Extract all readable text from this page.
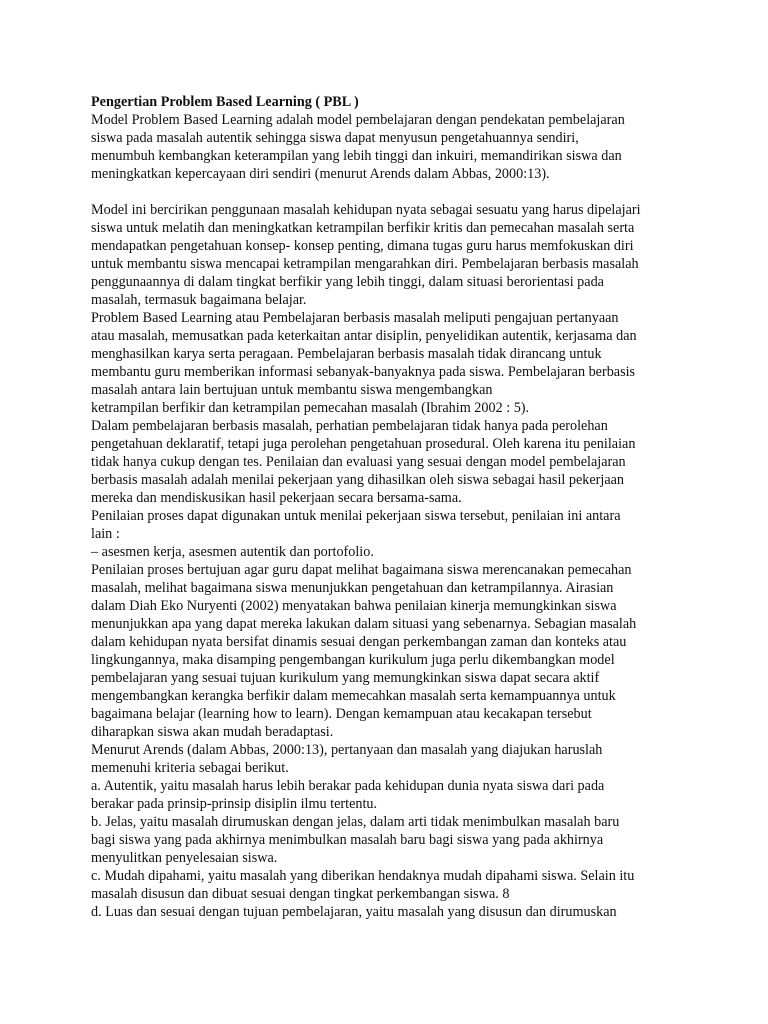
Pengertian Problem Based Learning ( PBL )
Model Problem Based Learning adalah model pembelajaran dengan pendekatan pembelajaran
siswa pada masalah autentik sehingga siswa dapat menyusun pengetahuannya sendiri,
menumbuh kembangkan keterampilan yang lebih tinggi dan inkuiri, memandirikan siswa dan
meningkatkan kepercayaan diri sendiri (menurut Arends dalam Abbas, 2000:13).
Model ini bercirikan penggunaan masalah kehidupan nyata sebagai sesuatu yang harus dipelajari
siswa untuk melatih dan meningkatkan ketrampilan berfikir kritis dan pemecahan masalah serta
mendapatkan pengetahuan konsep- konsep penting, dimana tugas guru harus memfokuskan diri
untuk membantu siswa mencapai ketrampilan mengarahkan diri. Pembelajaran berbasis masalah
penggunaannya di dalam tingkat berfikir yang lebih tinggi, dalam situasi berorientasi pada
masalah, termasuk bagaimana belajar.
Problem Based Learning atau Pembelajaran berbasis masalah meliputi pengajuan pertanyaan
atau masalah, memusatkan pada keterkaitan antar disiplin, penyelidikan autentik, kerjasama dan
menghasilkan karya serta peragaan. Pembelajaran berbasis masalah tidak dirancang untuk
membantu guru memberikan informasi sebanyak-banyaknya pada siswa. Pembelajaran berbasis
masalah antara lain bertujuan untuk membantu siswa mengembangkan
ketrampilan berfikir dan ketrampilan pemecahan masalah (Ibrahim 2002 : 5).
Dalam pembelajaran berbasis masalah, perhatian pembelajaran tidak hanya pada perolehan
pengetahuan deklaratif, tetapi juga perolehan pengetahuan prosedural. Oleh karena itu penilaian
tidak hanya cukup dengan tes. Penilaian dan evaluasi yang sesuai dengan model pembelajaran
berbasis masalah adalah menilai pekerjaan yang dihasilkan oleh siswa sebagai hasil pekerjaan
mereka dan mendiskusikan hasil pekerjaan secara bersama-sama.
Penilaian proses dapat digunakan untuk menilai pekerjaan siswa tersebut, penilaian ini antara
lain :
– asesmen kerja, asesmen autentik dan portofolio.
Penilaian proses bertujuan agar guru dapat melihat bagaimana siswa merencanakan pemecahan
masalah, melihat bagaimana siswa menunjukkan pengetahuan dan ketrampilannya. Airasian
dalam Diah Eko Nuryenti (2002) menyatakan bahwa penilaian kinerja memungkinkan siswa
menunjukkan apa yang dapat mereka lakukan dalam situasi yang sebenarnya. Sebagian masalah
dalam kehidupan nyata bersifat dinamis sesuai dengan perkembangan zaman dan konteks atau
lingkungannya, maka disamping pengembangan kurikulum juga perlu dikembangkan model
pembelajaran yang sesuai tujuan kurikulum yang memungkinkan siswa dapat secara aktif
mengembangkan kerangka berfikir dalam memecahkan masalah serta kemampuannya untuk
bagaimana belajar (learning how to learn). Dengan kemampuan atau kecakapan tersebut
diharapkan siswa akan mudah beradaptasi.
Menurut Arends (dalam Abbas, 2000:13), pertanyaan dan masalah yang diajukan haruslah
memenuhi kriteria sebagai berikut.
a. Autentik, yaitu masalah harus lebih berakar pada kehidupan dunia nyata siswa dari pada
berakar pada prinsip-prinsip disiplin ilmu tertentu.
b. Jelas, yaitu masalah dirumuskan dengan jelas, dalam arti tidak menimbulkan masalah baru
bagi siswa yang pada akhirnya menimbulkan masalah baru bagi siswa yang pada akhirnya
menyulitkan penyelesaian siswa.
c. Mudah dipahami, yaitu masalah yang diberikan hendaknya mudah dipahami siswa. Selain itu
masalah disusun dan dibuat sesuai dengan tingkat perkembangan siswa. 8
d. Luas dan sesuai dengan tujuan pembelajaran, yaitu masalah yang disusun dan dirumuskan
